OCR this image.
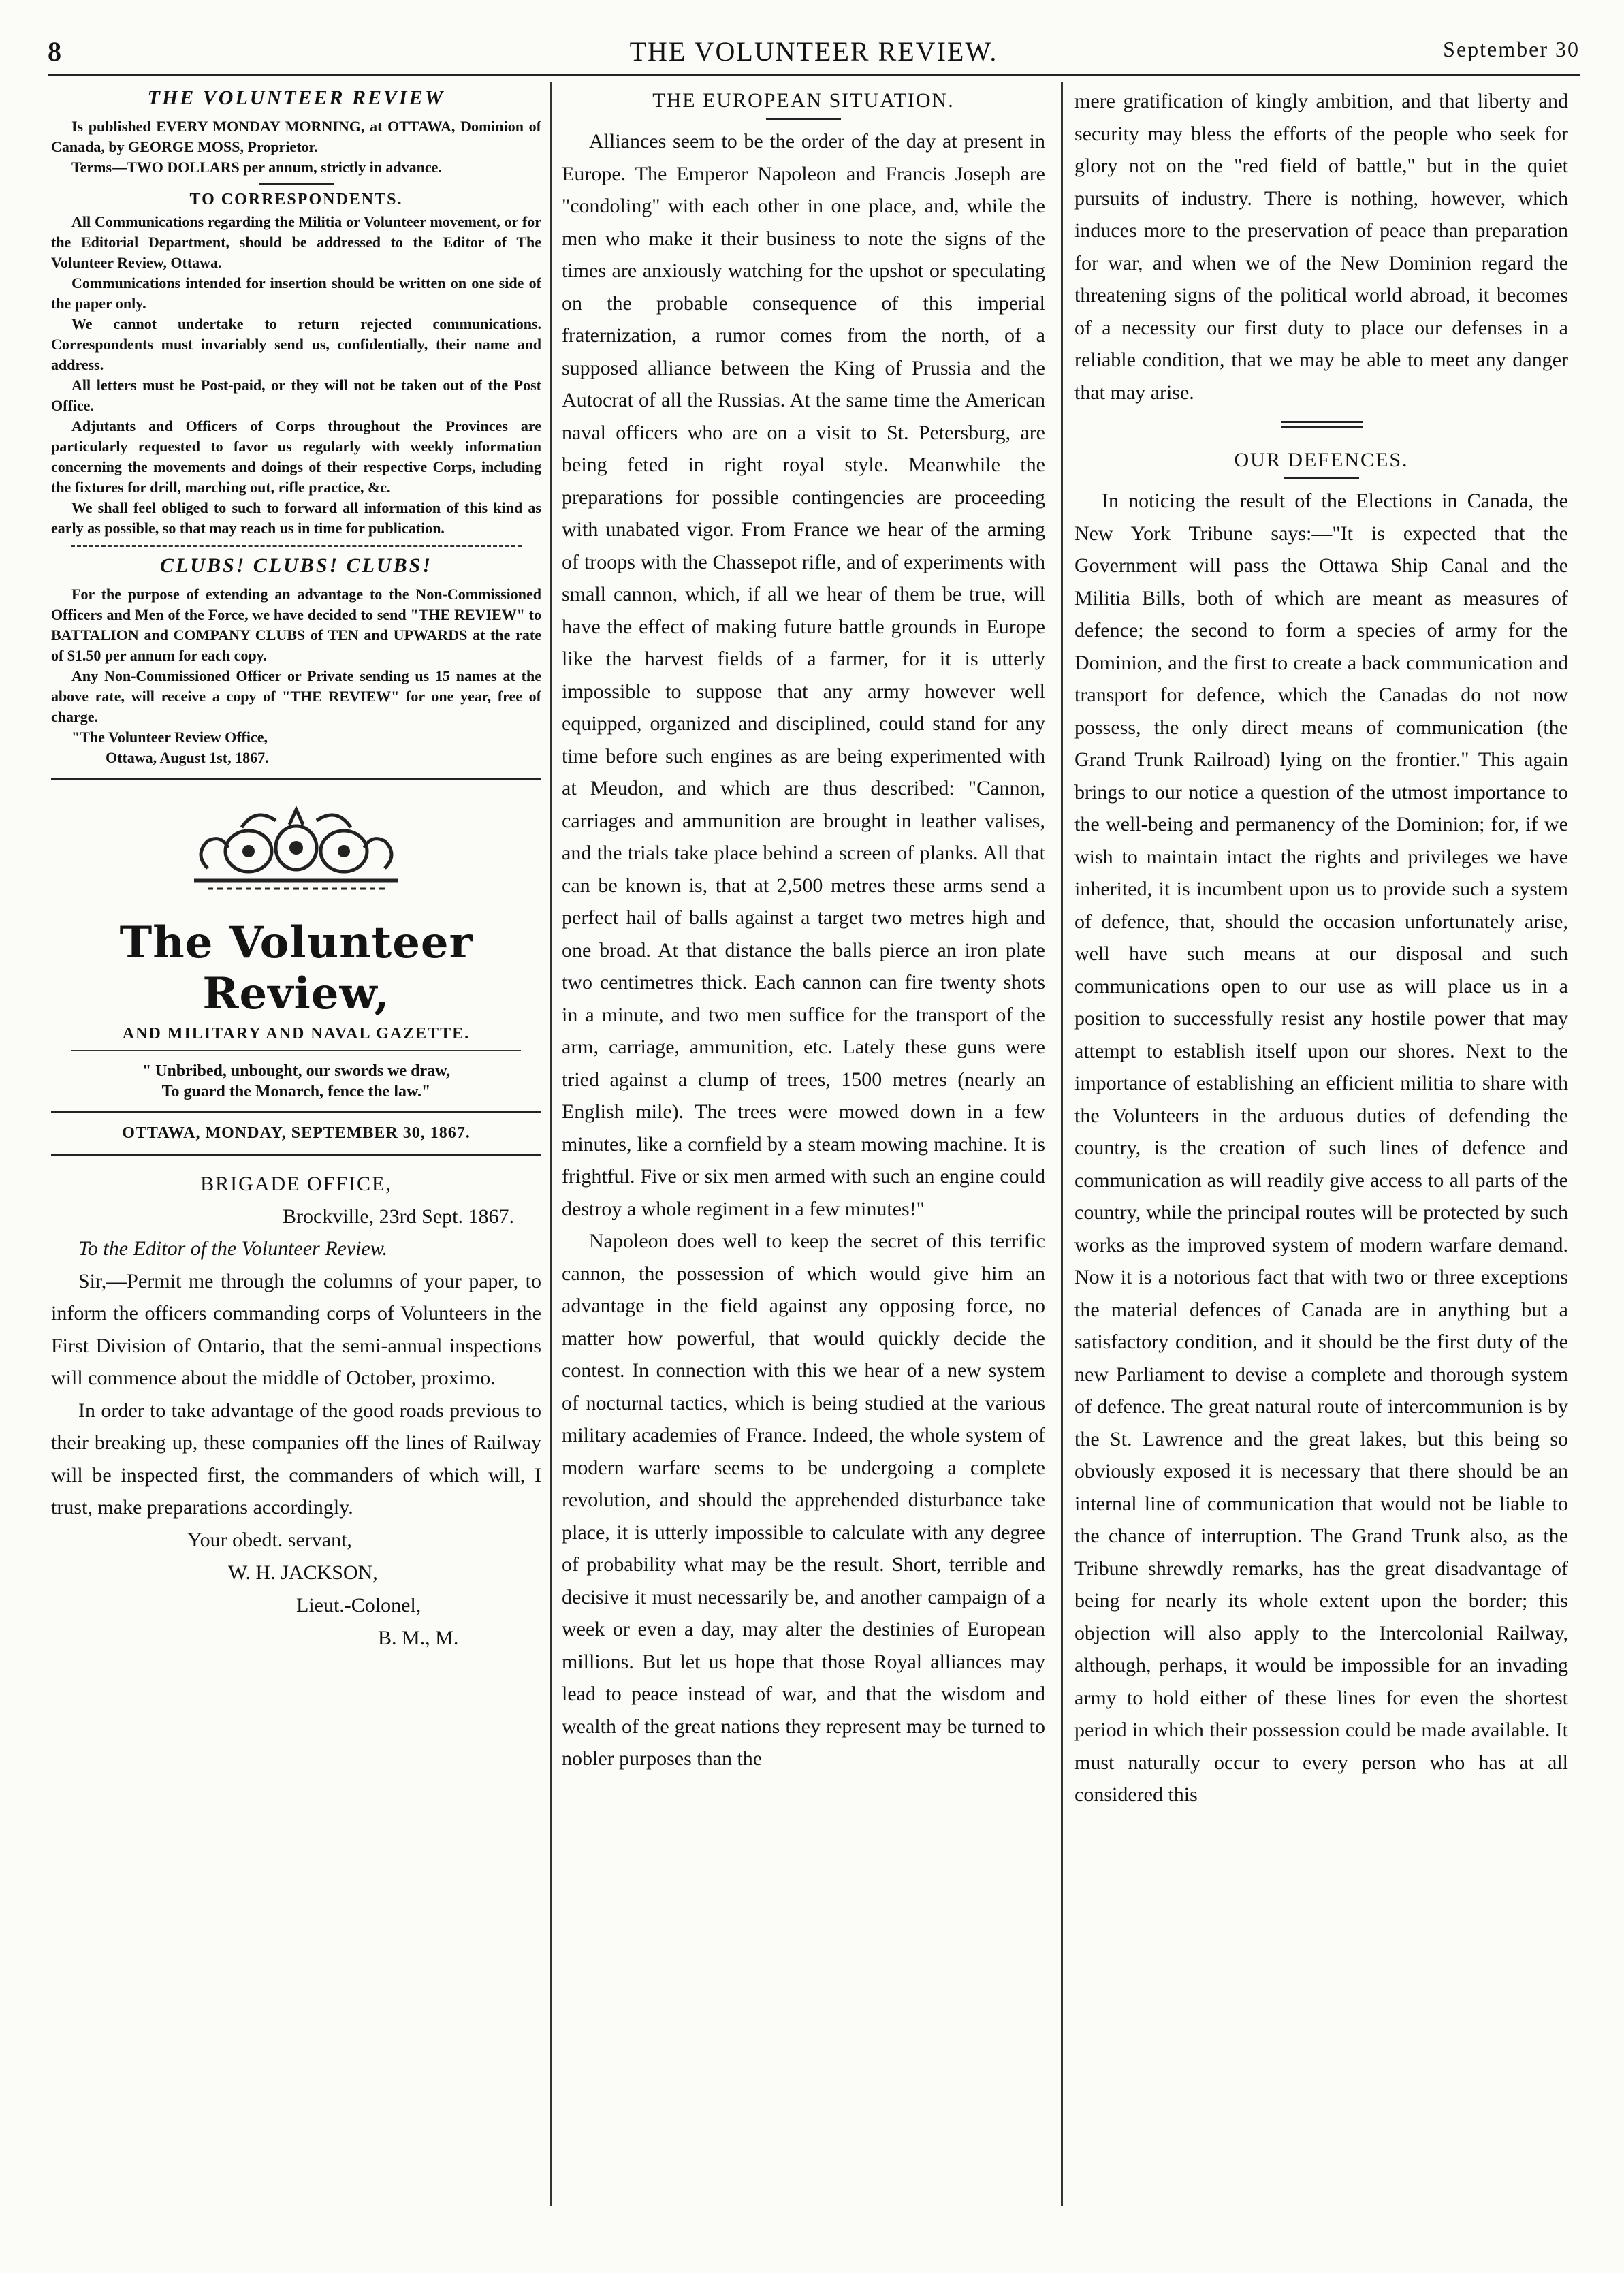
8	THE VOLUNTEER REVIEW.	September 30
THE VOLUNTEER REVIEW

Is published EVERY MONDAY MORNING, at OTTAWA, Dominion of Canada, by GEORGE MOSS, Proprietor.

Terms—TWO DOLLARS per annum, strictly in advance.

TO CORRESPONDENTS.

All Communications regarding the Militia or Volunteer movement, or for the Editorial Department, should be addressed to the Editor of The Volunteer Review, Ottawa.

Communications intended for insertion should be written on one side of the paper only.

We cannot undertake to return rejected communications. Correspondents must invariably send us, confidentially, their name and address.

All letters must be Post-paid, or they will not be taken out of the Post Office.

Adjutants and Officers of Corps throughout the Provinces are particularly requested to favor us regularly with weekly information concerning the movements and doings of their respective Corps, including the fixtures for drill, marching out, rifle practice, &c.

We shall feel obliged to such to forward all information of this kind as early as possible, so that may reach us in time for publication.

CLUBS! CLUBS! CLUBS!

For the purpose of extending an advantage to the Non-Commissioned Officers and Men of the Force, we have decided to send "THE REVIEW" to BATTALION and COMPANY CLUBS of TEN and UPWARDS at the rate of $1.50 per annum for each copy.

Any Non-Commissioned Officer or Private sending us 15 names at the above rate, will receive a copy of "THE REVIEW" for one year, free of charge.

"The Volunteer Review Office,

Ottawa, August 1st, 1867.

The Volunteer Review,
AND MILITARY AND NAVAL GAZETTE.
" Unbribed, unbought, our swords we draw,
To guard the Monarch, fence the law."
OTTAWA, MONDAY, SEPTEMBER 30, 1867.
BRIGADE OFFICE,

Brockville, 23rd Sept. 1867.

To the Editor of the Volunteer Review.

Sir,—Permit me through the columns of your paper, to inform the officers commanding corps of Volunteers in the First Division of Ontario, that the semi-annual inspections will commence about the middle of October, proximo.

In order to take advantage of the good roads previous to their breaking up, these companies off the lines of Railway will be inspected first, the commanders of which will, I trust, make preparations accordingly.

Your obedt. servant,
W. H. JACKSON,
Lieut.-Colonel,
B. M., M.
THE EUROPEAN SITUATION.

Alliances seem to be the order of the day at present in Europe. The Emperor Napoleon and Francis Joseph are "condoling" with each other in one place, and, while the men who make it their business to note the signs of the times are anxiously watching for the upshot or speculating on the probable consequence of this imperial fraternization, a rumor comes from the north, of a supposed alliance between the King of Prussia and the Autocrat of all the Russias. At the same time the American naval officers who are on a visit to St. Petersburg, are being feted in right royal style. Meanwhile the preparations for possible contingencies are proceeding with unabated vigor. From France we hear of the arming of troops with the Chassepot rifle, and of experiments with small cannon, which, if all we hear of them be true, will have the effect of making future battle grounds in Europe like the harvest fields of a farmer, for it is utterly impossible to suppose that any army however well equipped, organized and disciplined, could stand for any time before such engines as are being experimented with at Meudon, and which are thus described: "Cannon, carriages and ammunition are brought in leather valises, and the trials take place behind a screen of planks. All that can be known is, that at 2,500 metres these arms send a perfect hail of balls against a target two metres high and one broad. At that distance the balls pierce an iron plate two centimetres thick. Each cannon can fire twenty shots in a minute, and two men suffice for the transport of the arm, carriage, ammunition, etc. Lately these guns were tried against a clump of trees, 1500 metres (nearly an English mile). The trees were mowed down in a few minutes, like a cornfield by a steam mowing machine. It is frightful. Five or six men armed with such an engine could destroy a whole regiment in a few minutes!"

Napoleon does well to keep the secret of this terrific cannon, the possession of which would give him an advantage in the field against any opposing force, no matter how powerful, that would quickly decide the contest. In connection with this we hear of a new system of nocturnal tactics, which is being studied at the various military academies of France. Indeed, the whole system of modern warfare seems to be undergoing a complete revolution, and should the apprehended disturbance take place, it is utterly impossible to calculate with any degree of probability what may be the result. Short, terrible and decisive it must necessarily be, and another campaign of a week or even a day, may alter the destinies of European millions. But let us hope that those Royal alliances may lead to peace instead of war, and that the wisdom and wealth of the great nations they represent may be turned to nobler purposes than the

mere gratification of kingly ambition, and that liberty and security may bless the efforts of the people who seek for glory not on the "red field of battle," but in the quiet pursuits of industry. There is nothing, however, which induces more to the preservation of peace than preparation for war, and when we of the New Dominion regard the threatening signs of the political world abroad, it becomes of a necessity our first duty to place our defenses in a reliable condition, that we may be able to meet any danger that may arise.

OUR DEFENCES.

In noticing the result of the Elections in Canada, the New York Tribune says:—"It is expected that the Government will pass the Ottawa Ship Canal and the Militia Bills, both of which are meant as measures of defence; the second to form a species of army for the Dominion, and the first to create a back communication and transport for defence, which the Canadas do not now possess, the only direct means of communication (the Grand Trunk Railroad) lying on the frontier." This again brings to our notice a question of the utmost importance to the well-being and permanency of the Dominion; for, if we wish to maintain intact the rights and privileges we have inherited, it is incumbent upon us to provide such a system of defence, that, should the occasion unfortunately arise, well have such means at our disposal and such communications open to our use as will place us in a position to successfully resist any hostile power that may attempt to establish itself upon our shores. Next to the importance of establishing an efficient militia to share with the Volunteers in the arduous duties of defending the country, is the creation of such lines of defence and communication as will readily give access to all parts of the country, while the principal routes will be protected by such works as the improved system of modern warfare demand. Now it is a notorious fact that with two or three exceptions the material defences of Canada are in anything but a satisfactory condition, and it should be the first duty of the new Parliament to devise a complete and thorough system of defence. The great natural route of intercommunion is by the St. Lawrence and the great lakes, but this being so obviously exposed it is necessary that there should be an internal line of communication that would not be liable to the chance of interruption. The Grand Trunk also, as the Tribune shrewdly remarks, has the great disadvantage of being for nearly its whole extent upon the border; this objection will also apply to the Intercolonial Railway, although, perhaps, it would be impossible for an invading army to hold either of these lines for even the shortest period in which their possession could be made available. It must naturally occur to every person who has at all considered this
